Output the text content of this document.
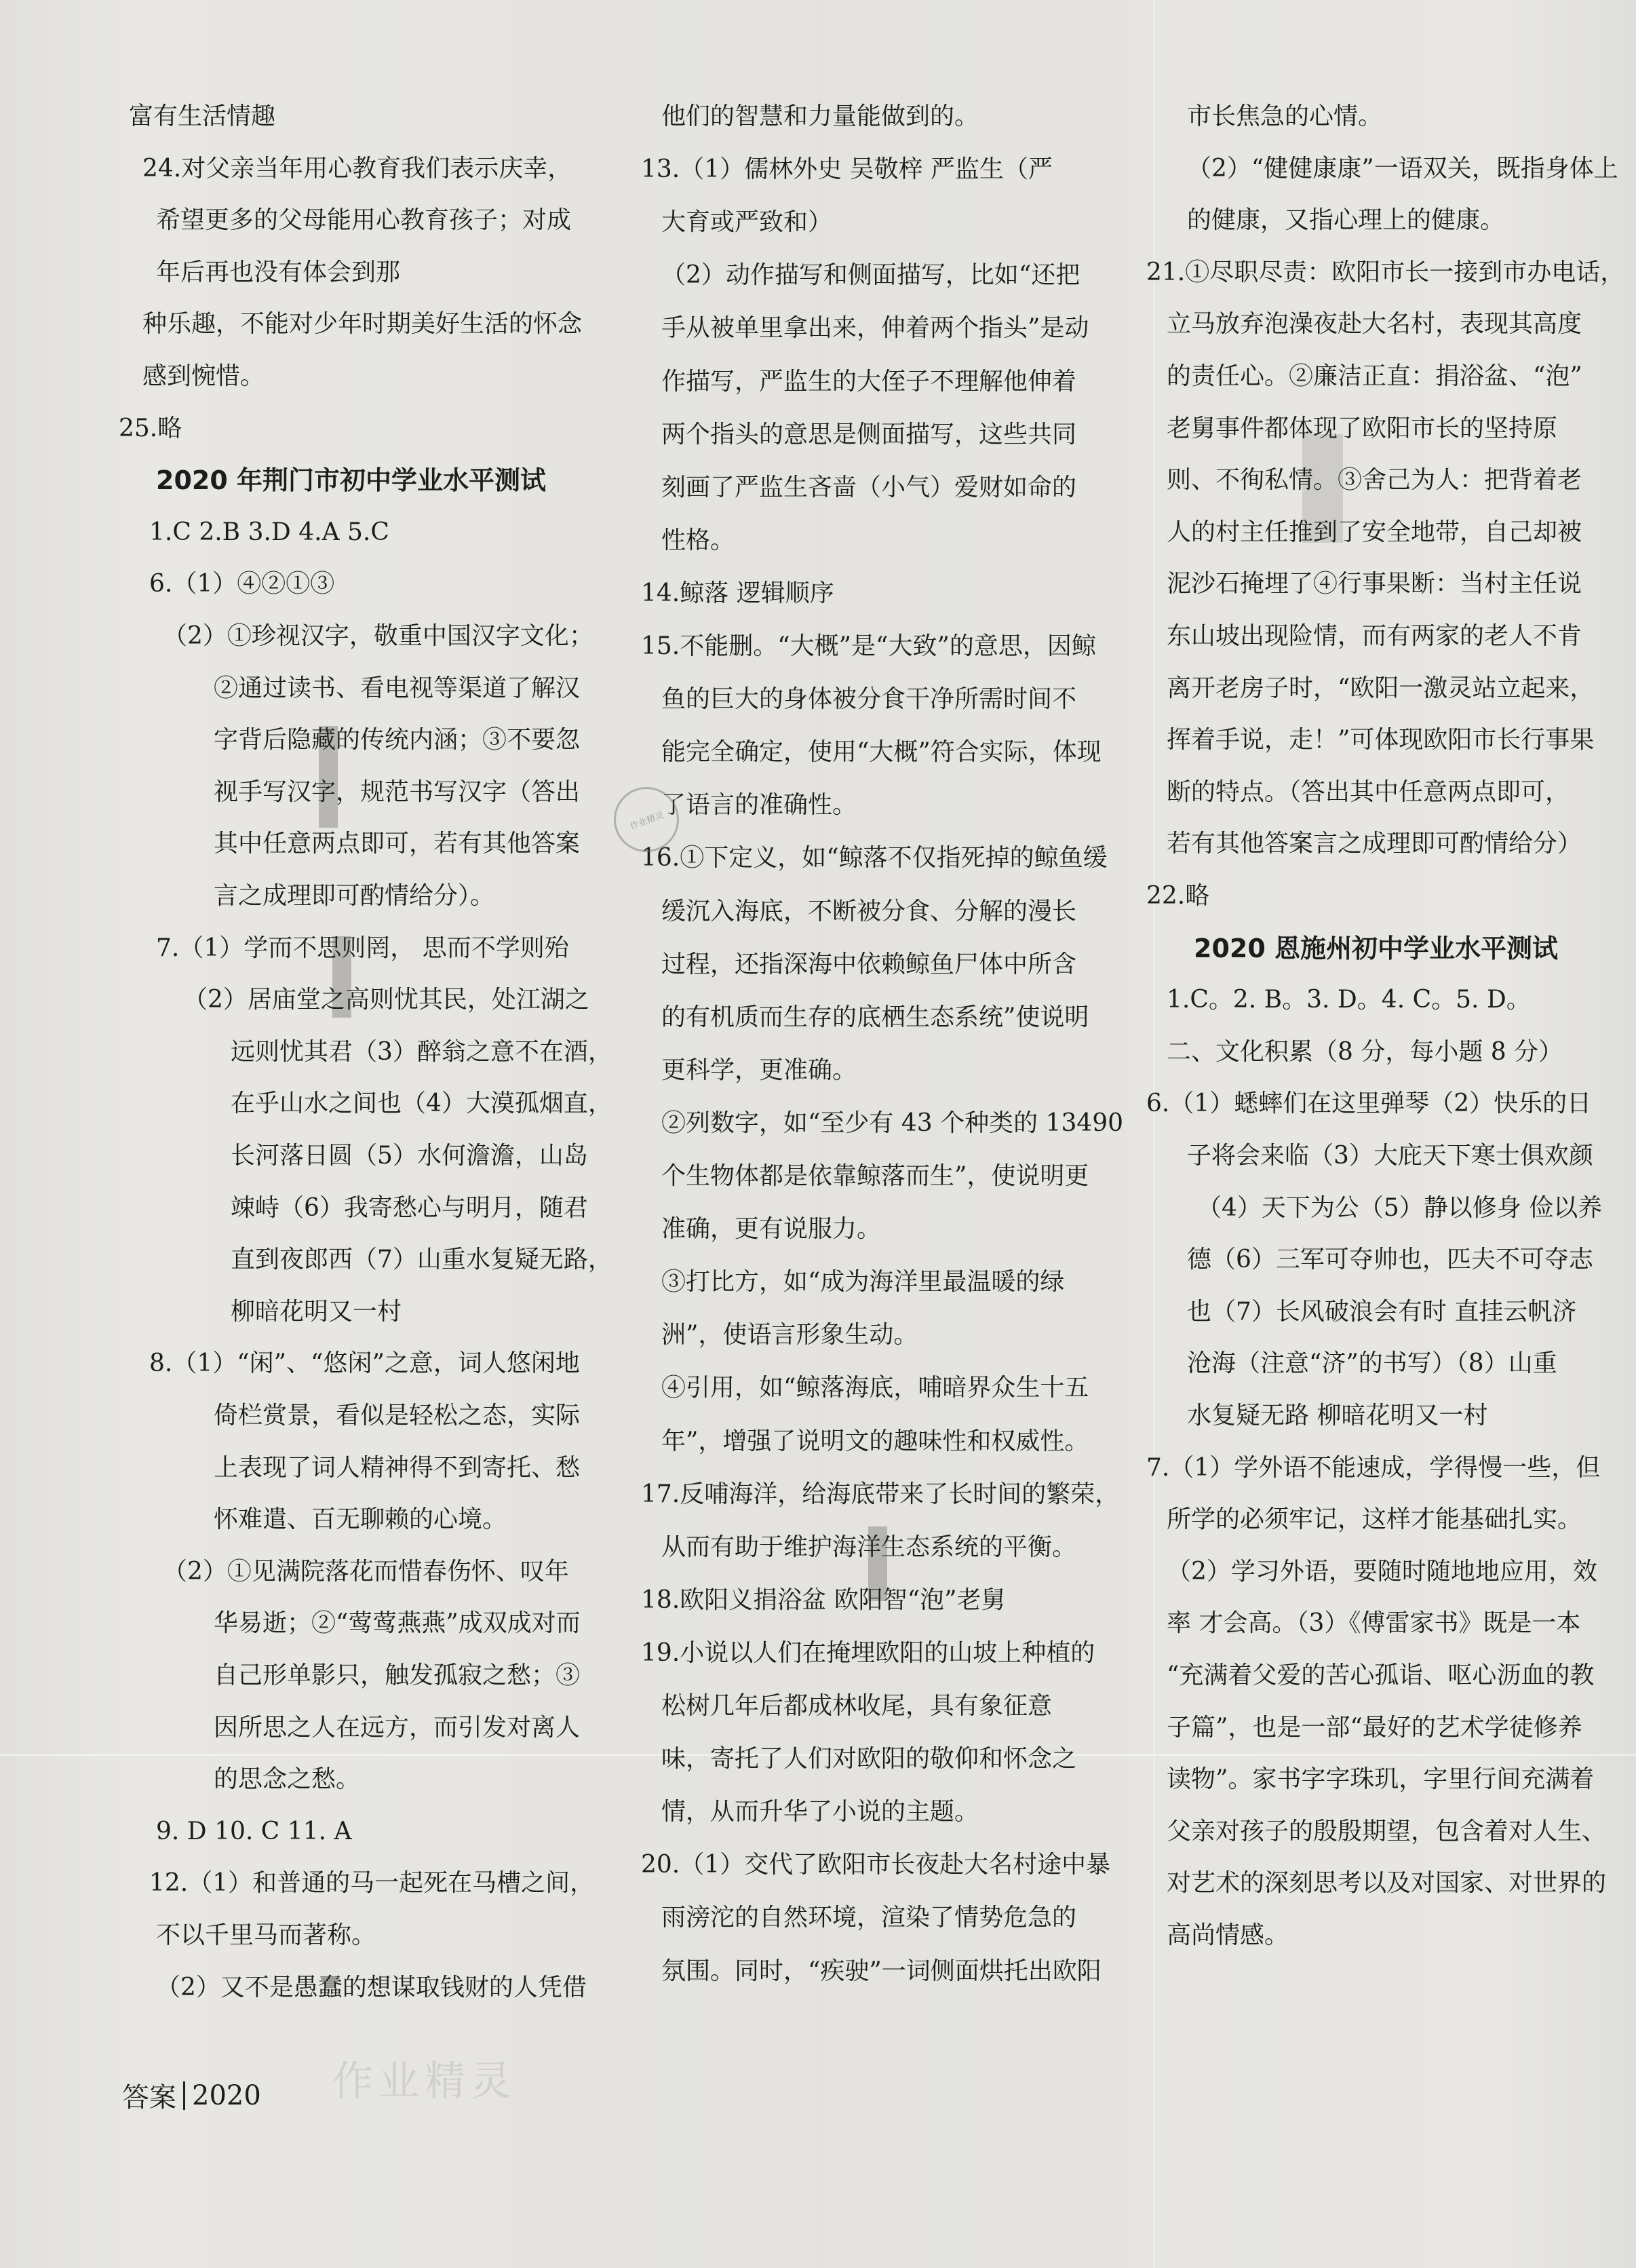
富有生活情趣
24.对父亲当年用心教育我们表示庆幸，
希望更多的父母能用心教育孩子；对成
年后再也没有体会到那
种乐趣，不能对少年时期美好生活的怀念
感到惋惜。
25.略
2020 年荆门市初中学业水平测试
1.C 2.B 3.D 4.A 5.C
6.（1）④②①③
（2）①珍视汉字，敬重中国汉字文化；
②通过读书、看电视等渠道了解汉
字背后隐藏的传统内涵；③不要忽
视手写汉字，规范书写汉字（答出
其中任意两点即可，若有其他答案
言之成理即可酌情给分）。
7.（1）学而不思则罔， 思而不学则殆
（2）居庙堂之高则忧其民，处江湖之
远则忧其君（3）醉翁之意不在酒，
在乎山水之间也（4）大漠孤烟直，
长河落日圆（5）水何澹澹，山岛
竦峙（6）我寄愁心与明月，随君
直到夜郎西（7）山重水复疑无路，
柳暗花明又一村
8.（1）“闲”、“悠闲”之意，词人悠闲地
倚栏赏景，看似是轻松之态，实际
上表现了词人精神得不到寄托、愁
怀难遣、百无聊赖的心境。
（2）①见满院落花而惜春伤怀、叹年
华易逝；②“莺莺燕燕”成双成对而
自己形单影只，触发孤寂之愁；③
因所思之人在远方，而引发对离人
的思念之愁。
9. D 10. C 11. A
12.（1）和普通的马一起死在马槽之间，
不以千里马而著称。
（2）又不是愚蠢的想谋取钱财的人凭借
他们的智慧和力量能做到的。
13.（1）儒林外史 吴敬梓 严监生（严
大育或严致和）
（2）动作描写和侧面描写，比如“还把
手从被单里拿出来，伸着两个指头”是动
作描写，严监生的大侄子不理解他伸着
两个指头的意思是侧面描写，这些共同
刻画了严监生吝啬（小气）爱财如命的
性格。
14.鲸落 逻辑顺序
15.不能删。“大概”是“大致”的意思，因鲸
鱼的巨大的身体被分食干净所需时间不
能完全确定，使用“大概”符合实际，体现
了语言的准确性。
16.①下定义，如“鲸落不仅指死掉的鲸鱼缓
缓沉入海底，不断被分食、分解的漫长
过程，还指深海中依赖鲸鱼尸体中所含
的有机质而生存的底栖生态系统”使说明
更科学，更准确。
②列数字，如“至少有 43 个种类的 13490
个生物体都是依靠鲸落而生”，使说明更
准确，更有说服力。
③打比方，如“成为海洋里最温暖的绿
洲”，使语言形象生动。
④引用，如“鲸落海底，哺暗界众生十五
年”，增强了说明文的趣味性和权威性。
17.反哺海洋，给海底带来了长时间的繁荣，
从而有助于维护海洋生态系统的平衡。
18.欧阳义捐浴盆 欧阳智“泡”老舅
19.小说以人们在掩埋欧阳的山坡上种植的
松树几年后都成林收尾，具有象征意
味，寄托了人们对欧阳的敬仰和怀念之
情，从而升华了小说的主题。
20.（1）交代了欧阳市长夜赴大名村途中暴
雨滂沱的自然环境，渲染了情势危急的
氛围。同时，“疾驶”一词侧面烘托出欧阳
市长焦急的心情。
（2）“健健康康”一语双关，既指身体上
的健康，又指心理上的健康。
21.①尽职尽责：欧阳市长一接到市办电话，
立马放弃泡澡夜赴大名村，表现其高度
的责任心。②廉洁正直：捐浴盆、“泡”
老舅事件都体现了欧阳市长的坚持原
则、不徇私情。③舍己为人：把背着老
人的村主任推到了安全地带，自己却被
泥沙石掩埋了④行事果断：当村主任说
东山坡出现险情，而有两家的老人不肯
离开老房子时，“欧阳一激灵站立起来，
挥着手说，走！”可体现欧阳市长行事果
断的特点。（答出其中任意两点即可，
若有其他答案言之成理即可酌情给分）
22.略
2020 恩施州初中学业水平测试
1.C。2. B。3. D。4. C。5. D。
二、文化积累（8 分，每小题 8 分）
6.（1）蟋蟀们在这里弹琴（2）快乐的日
子将会来临（3）大庇天下寒士俱欢颜
（4）天下为公（5）静以修身 俭以养
德（6）三军可夺帅也，匹夫不可夺志
也（7）长风破浪会有时 直挂云帆济
沧海（注意“济”的书写）（8）山重
水复疑无路 柳暗花明又一村
7.（1）学外语不能速成，学得慢一些，但
所学的必须牢记，这样才能基础扎实。
（2）学习外语，要随时随地地应用，效
率 才会高。（3）《傅雷家书》既是一本
“充满着父爱的苦心孤诣、呕心沥血的教
子篇”，也是一部“最好的艺术学徒修养
读物”。家书字字珠玑，字里行间充满着
父亲对孩子的殷殷期望，包含着对人生、
对艺术的深刻思考以及对国家、对世界的
高尚情感。
作业精灵
作业精灵
答案 2020
